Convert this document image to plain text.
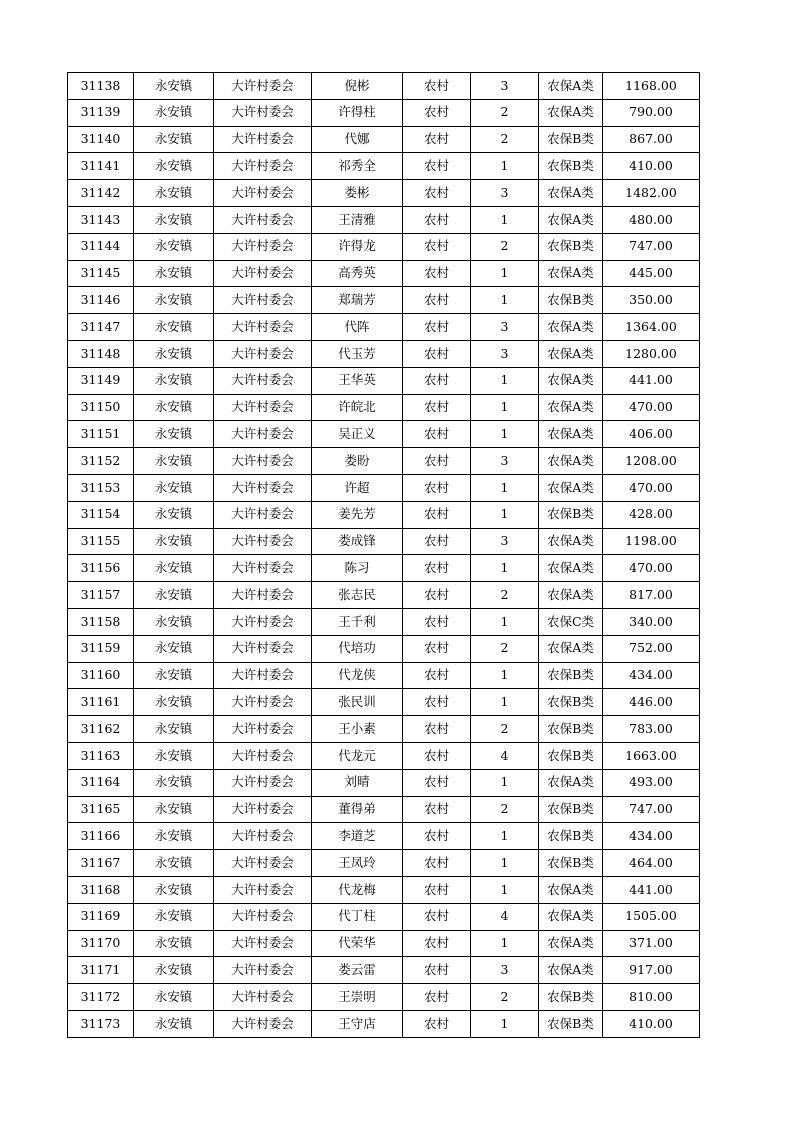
31138	永安镇	大许村委会	倪彬	农村	3	农保A类	1168.00
31139	永安镇	大许村委会	许得柱	农村	2	农保A类	790.00
31140	永安镇	大许村委会	代娜	农村	2	农保B类	867.00
31141	永安镇	大许村委会	祁秀全	农村	1	农保B类	410.00
31142	永安镇	大许村委会	娄彬	农村	3	农保A类	1482.00
31143	永安镇	大许村委会	王清雅	农村	1	农保A类	480.00
31144	永安镇	大许村委会	许得龙	农村	2	农保B类	747.00
31145	永安镇	大许村委会	高秀英	农村	1	农保A类	445.00
31146	永安镇	大许村委会	郑瑞芳	农村	1	农保B类	350.00
31147	永安镇	大许村委会	代阵	农村	3	农保A类	1364.00
31148	永安镇	大许村委会	代玉芳	农村	3	农保A类	1280.00
31149	永安镇	大许村委会	王华英	农村	1	农保A类	441.00
31150	永安镇	大许村委会	许皖北	农村	1	农保A类	470.00
31151	永安镇	大许村委会	吴正义	农村	1	农保A类	406.00
31152	永安镇	大许村委会	娄盼	农村	3	农保A类	1208.00
31153	永安镇	大许村委会	许超	农村	1	农保A类	470.00
31154	永安镇	大许村委会	姜先芳	农村	1	农保B类	428.00
31155	永安镇	大许村委会	娄成锋	农村	3	农保A类	1198.00
31156	永安镇	大许村委会	陈习	农村	1	农保A类	470.00
31157	永安镇	大许村委会	张志民	农村	2	农保A类	817.00
31158	永安镇	大许村委会	王千利	农村	1	农保C类	340.00
31159	永安镇	大许村委会	代培功	农村	2	农保A类	752.00
31160	永安镇	大许村委会	代龙侠	农村	1	农保B类	434.00
31161	永安镇	大许村委会	张民训	农村	1	农保B类	446.00
31162	永安镇	大许村委会	王小素	农村	2	农保B类	783.00
31163	永安镇	大许村委会	代龙元	农村	4	农保B类	1663.00
31164	永安镇	大许村委会	刘晴	农村	1	农保A类	493.00
31165	永安镇	大许村委会	董得弟	农村	2	农保B类	747.00
31166	永安镇	大许村委会	李道芝	农村	1	农保B类	434.00
31167	永安镇	大许村委会	王凤玲	农村	1	农保B类	464.00
31168	永安镇	大许村委会	代龙梅	农村	1	农保A类	441.00
31169	永安镇	大许村委会	代丁柱	农村	4	农保A类	1505.00
31170	永安镇	大许村委会	代荣华	农村	1	农保A类	371.00
31171	永安镇	大许村委会	娄云雷	农村	3	农保A类	917.00
31172	永安镇	大许村委会	王崇明	农村	2	农保B类	810.00
31173	永安镇	大许村委会	王守店	农村	1	农保B类	410.00
